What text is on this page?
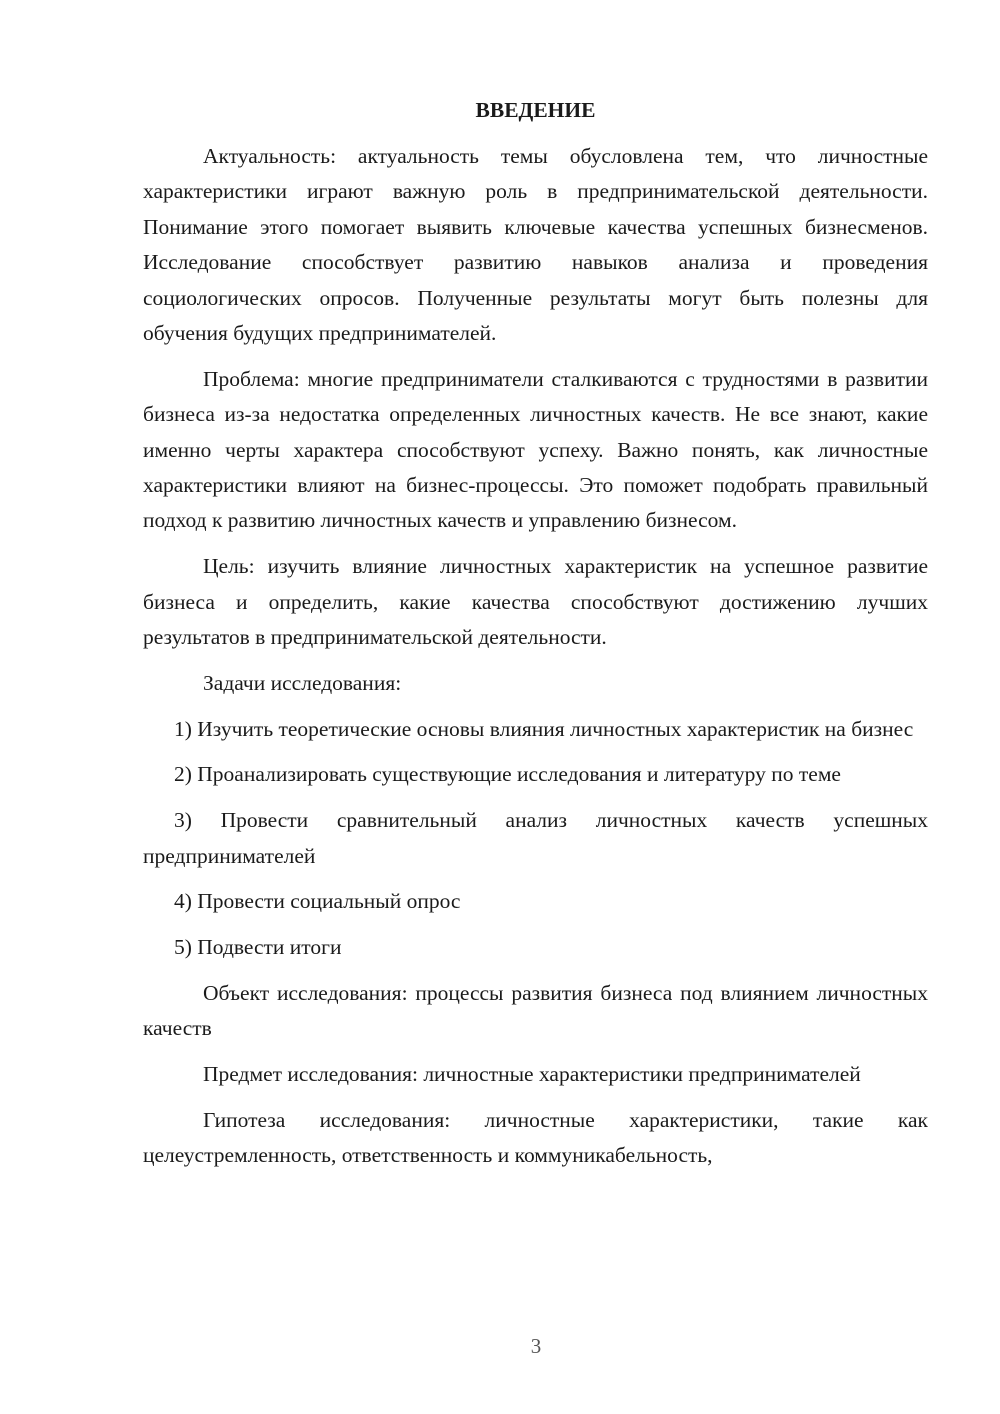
ВВЕДЕНИЕ

Актуальность: актуальность темы обусловлена тем, что личностные характеристики играют важную роль в предпринимательской деятельности. Понимание этого помогает выявить ключевые качества успешных бизнесменов. Исследование способствует развитию навыков анализа и проведения социологических опросов. Полученные результаты могут быть полезны для обучения будущих предпринимателей.

Проблема: многие предприниматели сталкиваются с трудностями в развитии бизнеса из-за недостатка определенных личностных качеств. Не все знают, какие именно черты характера способствуют успеху. Важно понять, как личностные характеристики влияют на бизнес-процессы. Это поможет подобрать правильный подход к развитию личностных качеств и управлению бизнесом.

Цель: изучить влияние личностных характеристик на успешное развитие бизнеса и определить, какие качества способствуют достижению лучших результатов в предпринимательской деятельности.

Задачи исследования:

1) Изучить теоретические основы влияния личностных характеристик на бизнес

2) Проанализировать существующие исследования и литературу по теме

3) Провести сравнительный анализ личностных качеств успешных предпринимателей

4) Провести социальный опрос

5) Подвести итоги

Объект исследования: процессы развития бизнеса под влиянием личностных качеств

Предмет исследования: личностные характеристики предпринимателей

Гипотеза исследования: личностные характеристики, такие как целеустремленность, ответственность и коммуникабельность,

3
